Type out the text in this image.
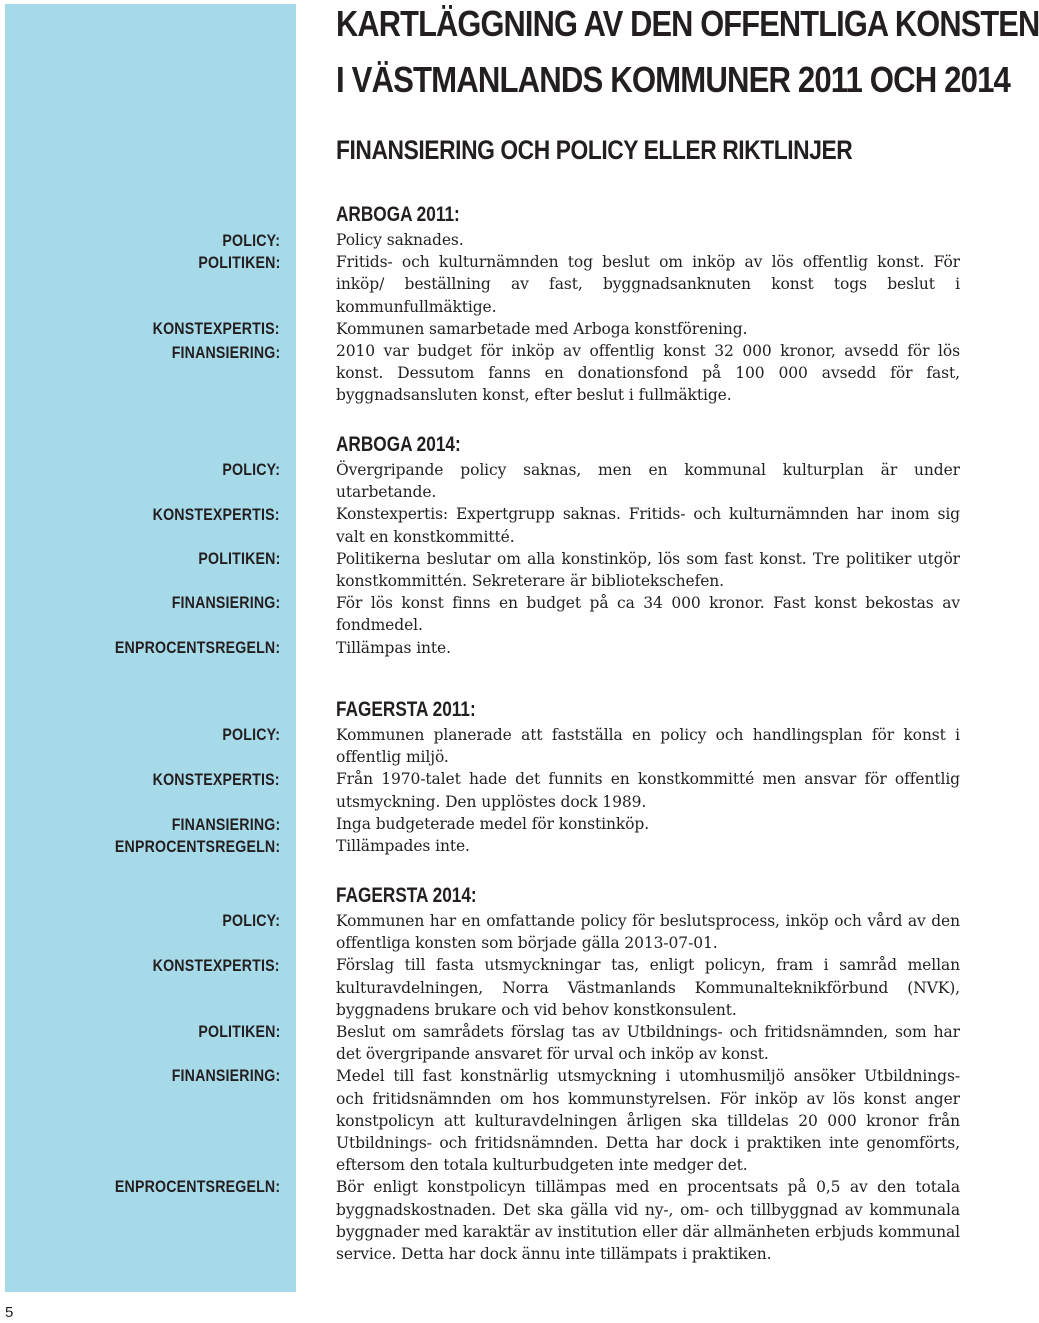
KARTLÄGGNING AV DEN OFFENTLIGA KONSTEN
I VÄSTMANLANDS KOMMUNER 2011 OCH 2014
FINANSIERING OCH POLICY ELLER RIKTLINJER
ARBOGA 2011:
POLICY:
POLITIKEN:
KONSTEXPERTIS:
FINANSIERING:

Policy saknades.

Fritids- och kulturnämnden tog beslut om inköp av lös offentlig konst. För inköp/ beställning av fast, byggnadsanknuten konst togs beslut i kommunfullmäktige.

Kommunen samarbetade med Arboga konstförening.

2010 var budget för inköp av offentlig konst 32 000 kronor, avsedd för lös konst. Dessutom fanns en donationsfond på 100 000 avsedd för fast, byggnadsansluten konst, efter beslut i fullmäktige.

ARBOGA 2014:
POLICY:
KONSTEXPERTIS:
POLITIKEN:
FINANSIERING:
ENPROCENTSREGELN:

Övergripande policy saknas, men en kommunal kulturplan är under utarbetande.

Konstexpertis: Expertgrupp saknas. Fritids- och kulturnämnden har inom sig valt en konstkommitté.

Politikerna beslutar om alla konstinköp, lös som fast konst. Tre politiker utgör konstkommittén. Sekreterare är bibliotekschefen.

För lös konst finns en budget på ca 34 000 kronor. Fast konst bekostas av fondmedel.

Tillämpas inte.

FAGERSTA 2011:
POLICY:
KONSTEXPERTIS:
FINANSIERING:
ENPROCENTSREGELN:

Kommunen planerade att fastställa en policy och handlingsplan för konst i offentlig miljö.

Från 1970-talet hade det funnits en konstkommitté men ansvar för offentlig utsmyckning. Den upplöstes dock 1989.

Inga budgeterade medel för konstinköp.

Tillämpades inte.

FAGERSTA 2014:
POLICY:
KONSTEXPERTIS:
POLITIKEN:
FINANSIERING:
ENPROCENTSREGELN:

Kommunen har en omfattande policy för beslutsprocess, inköp och vård av den offentliga konsten som började gälla 2013-07-01.

Förslag till fasta utsmyckningar tas, enligt policyn, fram i samråd mellan kulturavdelningen, Norra Västmanlands Kommunalteknikförbund (NVK), byggnadens brukare och vid behov konstkonsulent.

Beslut om samrådets förslag tas av Utbildnings- och fritidsnämnden, som har det övergripande ansvaret för urval och inköp av konst.

Medel till fast konstnärlig utsmyckning i utomhusmiljö ansöker Utbildnings- och fritidsnämnden om hos kommunstyrelsen. För inköp av lös konst anger konstpolicyn att kulturavdelningen årligen ska tilldelas 20 000 kronor från Utbildnings- och fritidsnämnden. Detta har dock i praktiken inte genomförts, eftersom den totala kulturbudgeten inte medger det.

Bör enligt konstpolicyn tillämpas med en procentsats på 0,5 av den totala byggnadskostnaden. Det ska gälla vid ny-, om- och tillbyggnad av kommunala byggnader med karaktär av institution eller där allmänheten erbjuds kommunal service. Detta har dock ännu inte tillämpats i praktiken.

5
